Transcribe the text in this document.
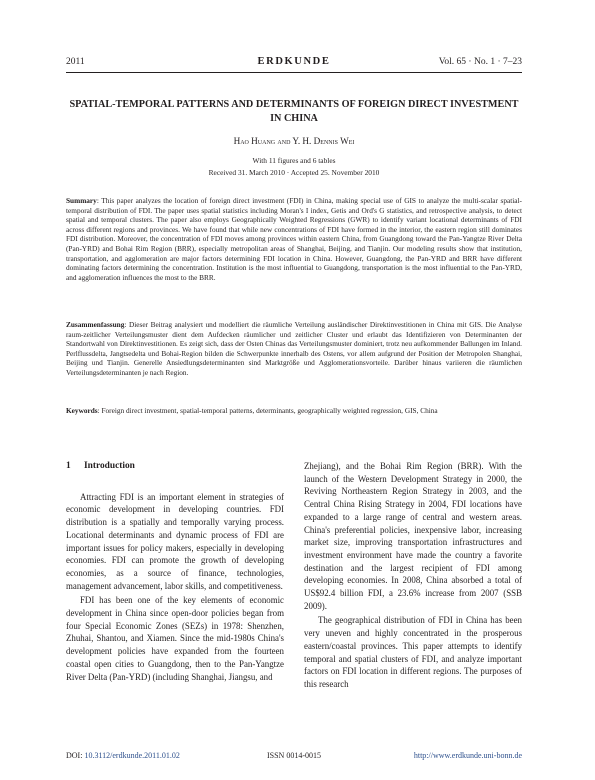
2011	ERDKUNDE	Vol. 65 · No. 1 · 7–23
SPATIAL-TEMPORAL PATTERNS AND DETERMINANTS OF FOREIGN DIRECT INVESTMENT IN CHINA
Hao Huang and Y. H. Dennis Wei
With 11 figures and 6 tables
Received 31. March 2010 · Accepted 25. November 2010
Summary: This paper analyzes the location of foreign direct investment (FDI) in China, making special use of GIS to analyze the multi-scalar spatial-temporal distribution of FDI. The paper uses spatial statistics including Moran's I index, Getis and Ord's G statistics, and retrospective analysis, to detect spatial and temporal clusters. The paper also employs Geographically Weighted Regressions (GWR) to identify variant locational determinants of FDI across different regions and provinces. We have found that while new concentrations of FDI have formed in the interior, the eastern region still dominates FDI distribution. Moreover, the concentration of FDI moves among provinces within eastern China, from Guangdong toward the Pan-Yangtze River Delta (Pan-YRD) and Bohai Rim Region (BRR), especially metropolitan areas of Shanghai, Beijing, and Tianjin. Our modeling results show that institution, transportation, and agglomeration are major factors determining FDI location in China. However, Guangdong, the Pan-YRD and BRR have different dominating factors determining the concentration. Institution is the most influential to Guangdong, transportation is the most influential to the Pan-YRD, and agglomeration influences the most to the BRR.
Zusammenfassung: Dieser Beitrag analysiert und modelliert die räumliche Verteilung ausländischer Direktinvestitionen in China mit GIS. Die Analyse raum-zeitlicher Verteilungsmuster dient dem Aufdecken räumlicher und zeitlicher Cluster und erlaubt das Identifizieren von Determinanten der Standortwahl von Direktinvestitionen. Es zeigt sich, dass der Osten Chinas das Verteilungsmuster dominiert, trotz neu aufkommender Ballungen im Inland. Perlflussdelta, Jangtsedelta und Bohai-Region bilden die Schwerpunkte innerhalb des Ostens, vor allem aufgrund der Position der Metropolen Shanghai, Beijing und Tianjin. Generelle Ansiedlungsdeterminanten sind Marktgröße und Agglomerationsvorteile. Darüber hinaus variieren die räumlichen Verteilungsdeterminanten je nach Region.
Keywords: Foreign direct investment, spatial-temporal patterns, determinants, geographically weighted regression, GIS, China
1 Introduction

Attracting FDI is an important element in strategies of economic development in developing countries. FDI distribution is a spatially and temporally varying process. Locational determinants and dynamic process of FDI are important issues for policy makers, especially in developing economies. FDI can promote the growth of developing economies, as a source of finance, technologies, management advancement, labor skills, and competitiveness.

FDI has been one of the key elements of economic development in China since open-door policies began from four Special Economic Zones (SEZs) in 1978: Shenzhen, Zhuhai, Shantou, and Xiamen. Since the mid-1980s China's development policies have expanded from the fourteen coastal open cities to Guangdong, then to the Pan-Yangtze River Delta (Pan-YRD) (including Shanghai, Jiangsu, and

Zhejiang), and the Bohai Rim Region (BRR). With the launch of the Western Development Strategy in 2000, the Reviving Northeastern Region Strategy in 2003, and the Central China Rising Strategy in 2004, FDI locations have expanded to a large range of central and western areas. China's preferential policies, inexpensive labor, increasing market size, improving transportation infrastructures and investment environment have made the country a favorite destination and the largest recipient of FDI among developing economies. In 2008, China absorbed a total of US$92.4 billion FDI, a 23.6% increase from 2007 (SSB 2009).

The geographical distribution of FDI in China has been very uneven and highly concentrated in the prosperous eastern/coastal provinces. This paper attempts to identify temporal and spatial clusters of FDI, and analyze important factors on FDI location in different regions. The purposes of this research

DOI: 10.3112/erdkunde.2011.01.02	ISSN 0014-0015	http://www.erdkunde.uni-bonn.de
